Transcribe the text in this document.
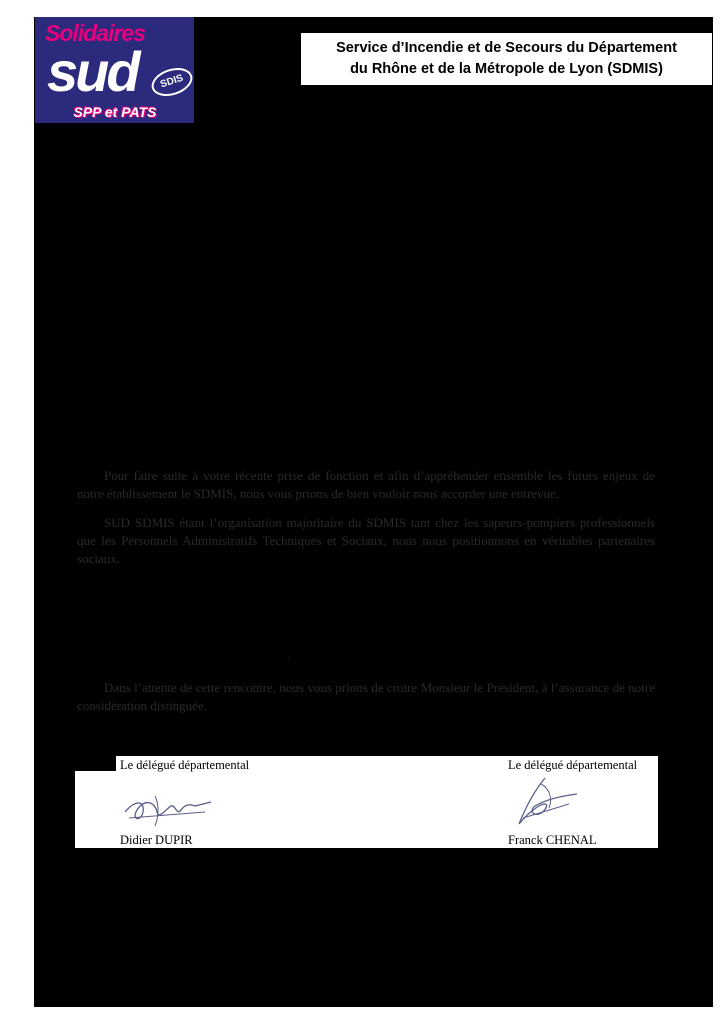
Solidaires
sud	SDIS
SPP et PATS
Service d’Incendie et de Secours du Département
du Rhône et de la Métropole de Lyon (SDMIS)
Pour faire suite à votre récente prise de fonction et afin d’appréhender ensemble les futurs enjeux de notre établissement le SDMIS, nous vous prions de bien vouloir nous accorder une entrevue.
SUD SDMIS étant l’organisation majoritaire du SDMIS tant chez les sapeurs-pompiers professionnels que les Personnels Administratifs Techniques et Sociaux, nous nous positionnons en véritables partenaires sociaux.
.
Dans l’attente de cette rencontre, nous vous prions de croire Monsieur le Président, à l’assurance de notre considération distinguée.
Le délégué départemental	Le délégué départemental
Didier DUPIR	Franck CHENAL
